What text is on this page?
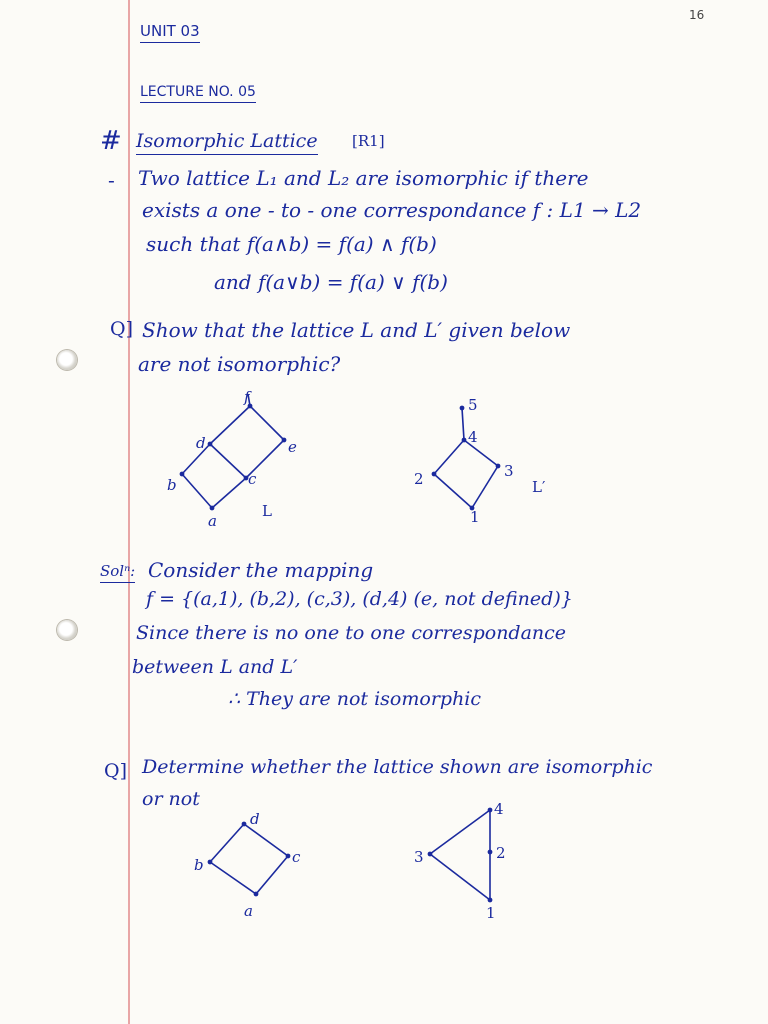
16
UNIT 03
LECTURE NO. 05
# Isomorphic Lattice [R1]
- Two lattice L₁ and L₂ are isomorphic if there
exists a one - to - one correspondance f : L1 → L2
such that f(a∧b) = f(a) ∧ f(b)
and f(a∨b) = f(a) ∨ f(b)
Q] Show that the lattice L and L′ given below
are not isomorphic?
f
d	e
b	c
a
L
5
4
2	3
1
L′
Solⁿ: Consider the mapping
f = {(a,1), (b,2), (c,3), (d,4) (e, not defined)}
Since there is no one to one correspondance
between L and L′
∴ They are not isomorphic
Q] Determine whether the lattice shown are isomorphic
or not
d
b	c
a
4
3	2
1
